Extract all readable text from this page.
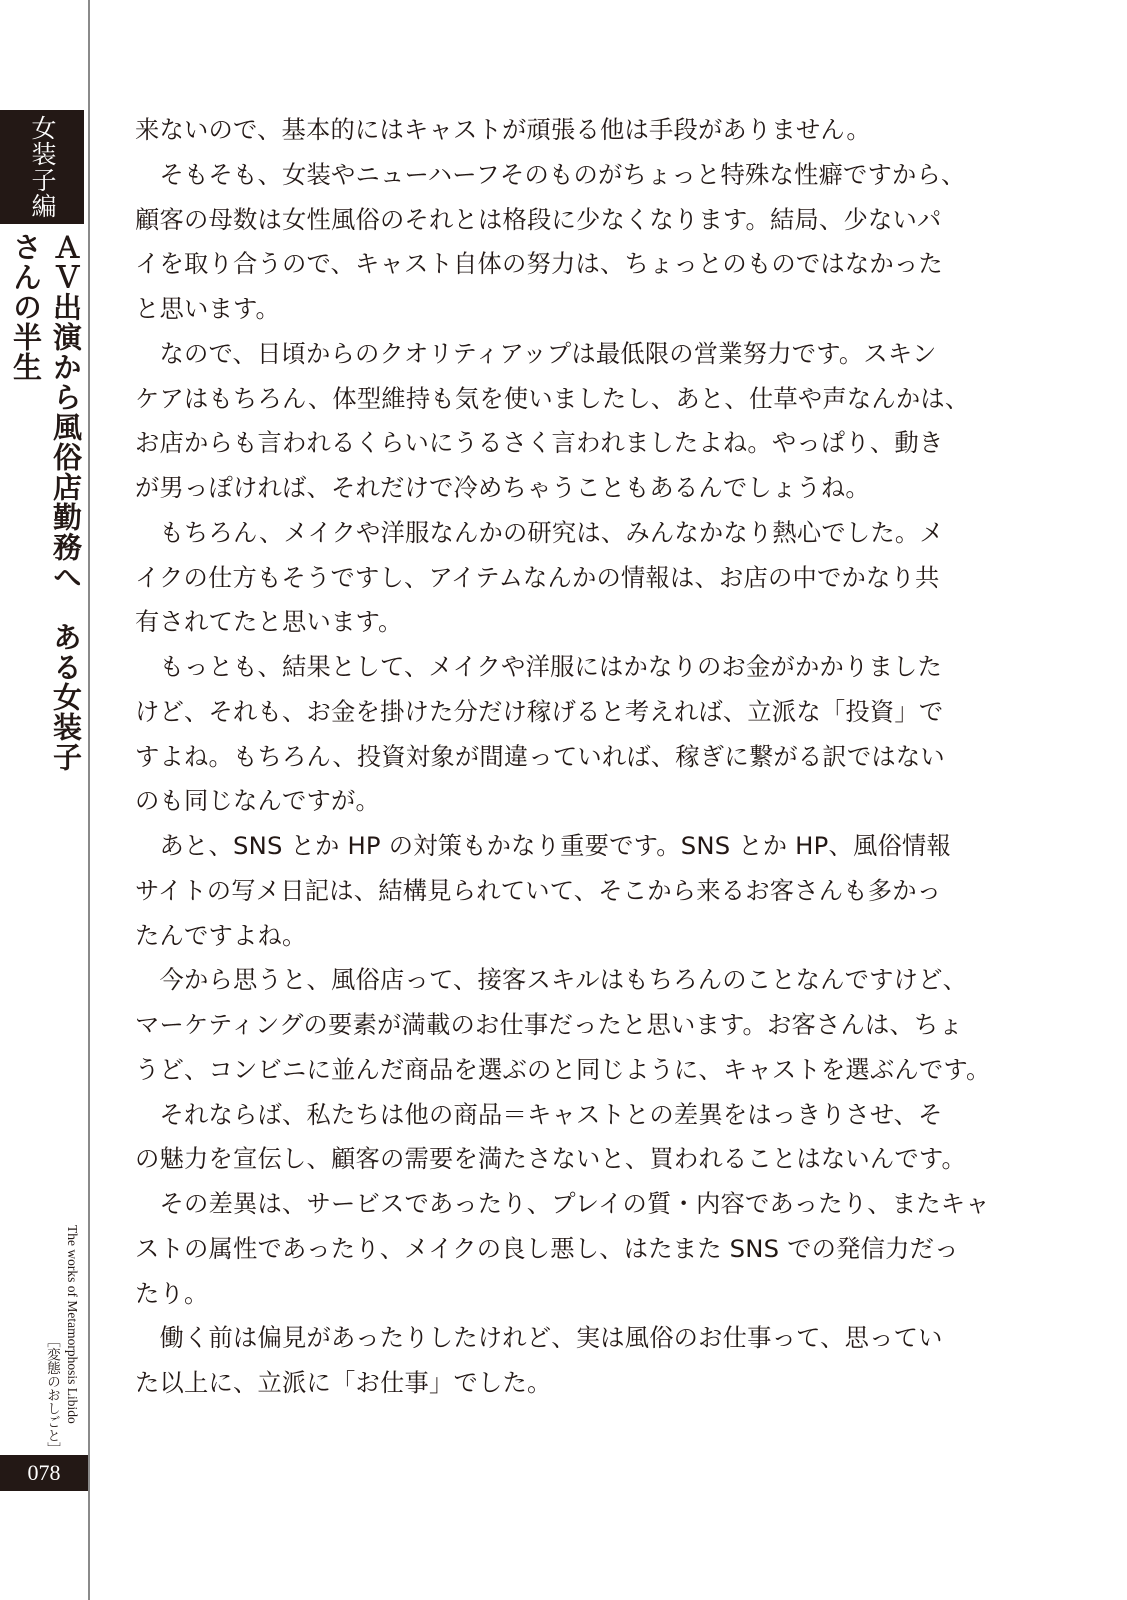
女装子編
ＡＶ出演から風俗店勤務へ　ある女装子さんの半生
The works of Metamorphosis Libido
［変態のおしごと］
078
来ないので、基本的にはキャストが頑張る他は手段がありません。
　そもそも、女装やニューハーフそのものがちょっと特殊な性癖ですから、
顧客の母数は女性風俗のそれとは格段に少なくなります。結局、少ないパ
イを取り合うので、キャスト自体の努力は、ちょっとのものではなかった
と思います。
　なので、日頃からのクオリティアップは最低限の営業努力です。スキン
ケアはもちろん、体型維持も気を使いましたし、あと、仕草や声なんかは、
お店からも言われるくらいにうるさく言われましたよね。やっぱり、動き
が男っぽければ、それだけで冷めちゃうこともあるんでしょうね。
　もちろん、メイクや洋服なんかの研究は、みんなかなり熱心でした。メ
イクの仕方もそうですし、アイテムなんかの情報は、お店の中でかなり共
有されてたと思います。
　もっとも、結果として、メイクや洋服にはかなりのお金がかかりました
けど、それも、お金を掛けた分だけ稼げると考えれば、立派な「投資」で
すよね。もちろん、投資対象が間違っていれば、稼ぎに繋がる訳ではない
のも同じなんですが。
　あと、SNS とか HP の対策もかなり重要です。SNS とか HP、風俗情報
サイトの写メ日記は、結構見られていて、そこから来るお客さんも多かっ
たんですよね。
　今から思うと、風俗店って、接客スキルはもちろんのことなんですけど、
マーケティングの要素が満載のお仕事だったと思います。お客さんは、ちょ
うど、コンビニに並んだ商品を選ぶのと同じように、キャストを選ぶんです。
　それならば、私たちは他の商品＝キャストとの差異をはっきりさせ、そ
の魅力を宣伝し、顧客の需要を満たさないと、買われることはないんです。
　その差異は、サービスであったり、プレイの質・内容であったり、またキャ
ストの属性であったり、メイクの良し悪し、はたまた SNS での発信力だっ
たり。
　働く前は偏見があったりしたけれど、実は風俗のお仕事って、思ってい
た以上に、立派に「お仕事」でした。
